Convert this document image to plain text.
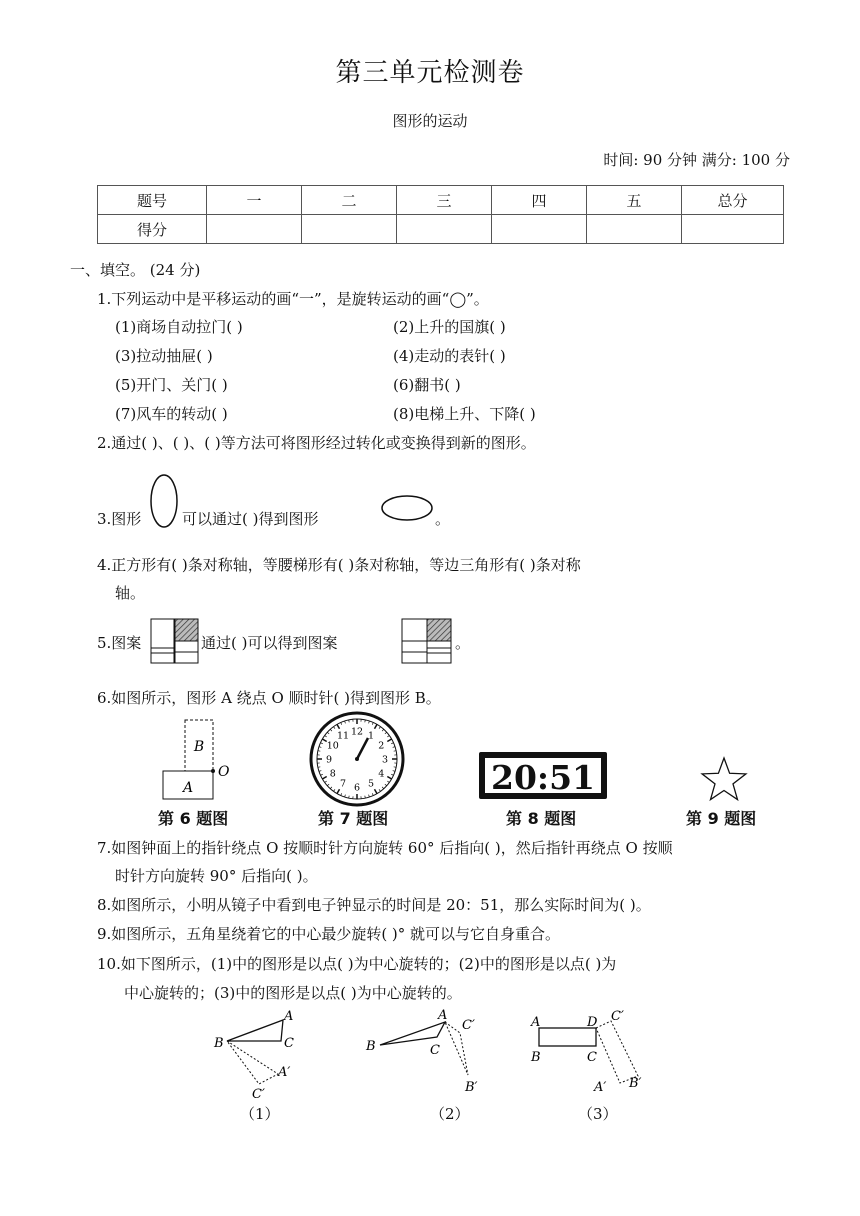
第三单元检测卷
图形的运动
时间: 90 分钟 满分: 100 分
题号	一	二	三	四	五	总分
得分						
一、填空。 (24 分)
1.下列运动中是平移运动的画“一”，是旋转运动的画“◯”。
(1)商场自动拉门( )	(2)上升的国旗( )
(3)拉动抽屉( )	(4)走动的表针( )
(5)开门、关门( )	(6)翻书( )
(7)风车的转动( )	(8)电梯上升、下降( )
2.通过( )、( )、( )等方法可将图形经过转化或变换得到新的图形。
3.图形	可以通过( )得到图形	。
4.正方形有( )条对称轴，等腰梯形有( )条对称轴，等边三角形有( )条对称
轴。
5.图案	通过( )可以得到图案	。
6.如图所示，图形 A 绕点 O 顺时针( )得到图形 B。
B
A
O
第 6 题图
12 1
2
3
4
5
6
7
8
9
10
11
第 7 题图
20:51
第 8 题图	第 9 题图
7.如图钟面上的指针绕点 O 按顺时针方向旋转 60° 后指向( )，然后指针再绕点 O 按顺
时针方向旋转 90° 后指向( )。
8.如图所示，小明从镜子中看到电子钟显示的时间是 20：51，那么实际时间为( )。
9.如图所示，五角星绕着它的中心最少旋转( )° 就可以与它自身重合。
10.如下图所示，(1)中的图形是以点( )为中心旋转的；(2)中的图形是以点( )为
中心旋转的；(3)中的图形是以点( )为中心旋转的。
A
B	C
A′
C′
（1）
A
B	C
C′
B′
（2）
A
B	C
D C′
A′ B′
（3）
